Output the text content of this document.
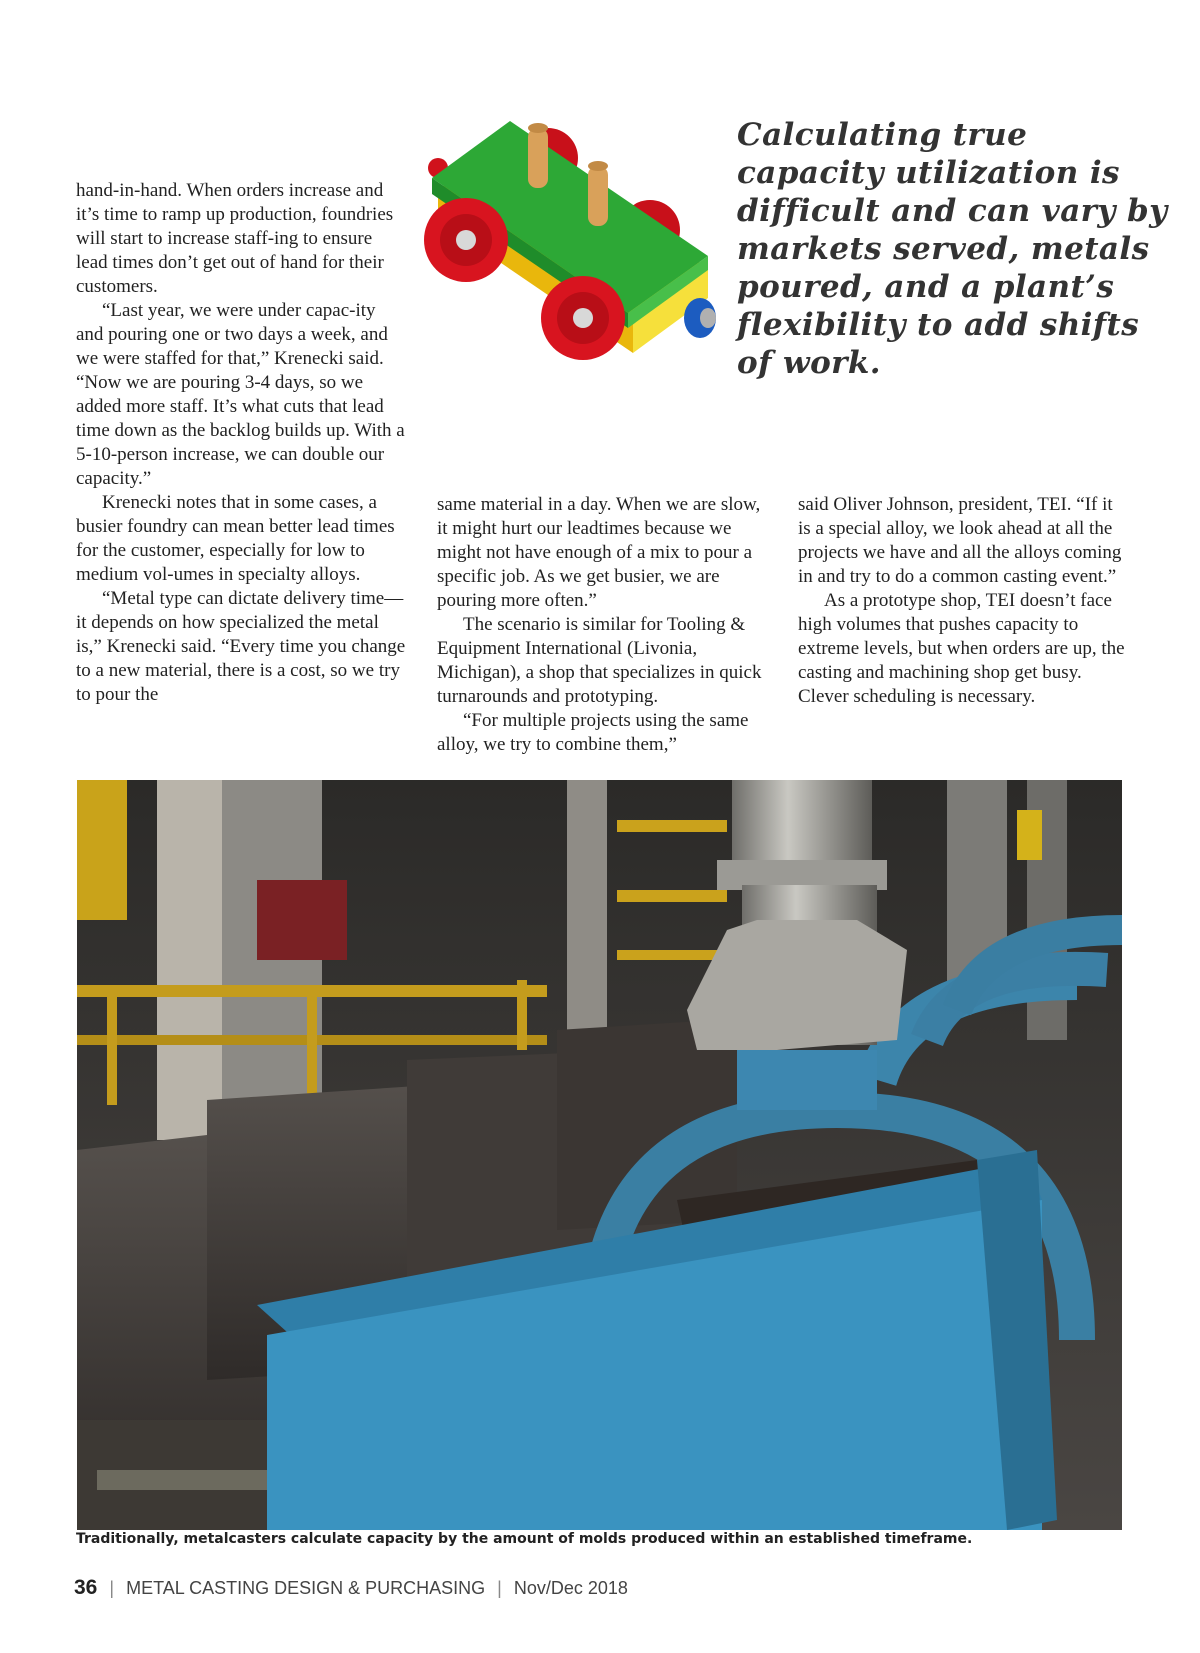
Calculating true capacity utilization is difficult and can vary by markets served, metals poured, and a plant’s flexibility to add shifts of work.

hand-in-hand. When orders increase and it’s time to ramp up production, foundries will start to increase staff-ing to ensure lead times don’t get out of hand for their customers.

“Last year, we were under capac-ity and pouring one or two days a week, and we were staffed for that,” Krenecki said. “Now we are pouring 3-4 days, so we added more staff. It’s what cuts that lead time down as the backlog builds up. With a 5-10-person increase, we can double our capacity.”

Krenecki notes that in some cases, a busier foundry can mean better lead times for the customer, especially for low to medium vol-umes in specialty alloys.

“Metal type can dictate delivery time—it depends on how specialized the metal is,” Krenecki said. “Every time you change to a new material, there is a cost, so we try to pour the

same material in a day. When we are slow, it might hurt our leadtimes because we might not have enough of a mix to pour a specific job. As we get busier, we are pouring more often.”

The scenario is similar for Tooling & Equipment International (Livonia, Michigan), a shop that specializes in quick turnarounds and prototyping.

“For multiple projects using the same alloy, we try to combine them,”

said Oliver Johnson, president, TEI. “If it is a special alloy, we look ahead at all the projects we have and all the alloys coming in and try to do a common casting event.”

As a prototype shop, TEI doesn’t face high volumes that pushes capacity to extreme levels, but when orders are up, the casting and machining shop get busy. Clever scheduling is necessary.

Traditionally, metalcasters calculate capacity by the amount of molds produced within an established timeframe.
36 | METAL CASTING DESIGN & PURCHASING | Nov/Dec 2018
